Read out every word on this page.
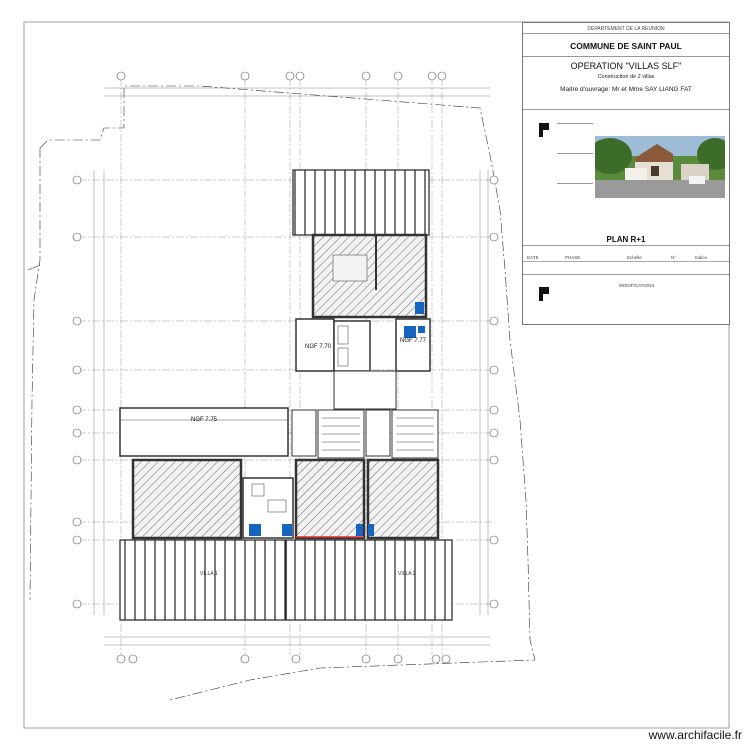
NGF 7.70
NGF 7.77
NGF 7.75
VILLA 1	VILLA 2
DEPARTEMENT DE LA REUNION
COMMUNE DE SAINT PAUL
OPERATION "VILLAS SLF"
Construction de 2 villas
Maitre d'ouvrage: Mr et Mme SAY LIANG FAT
PLAN R+1
DATE	PHASE	Echelle	N°	Indice
MODIFICATIONS
www.archifacile.fr
